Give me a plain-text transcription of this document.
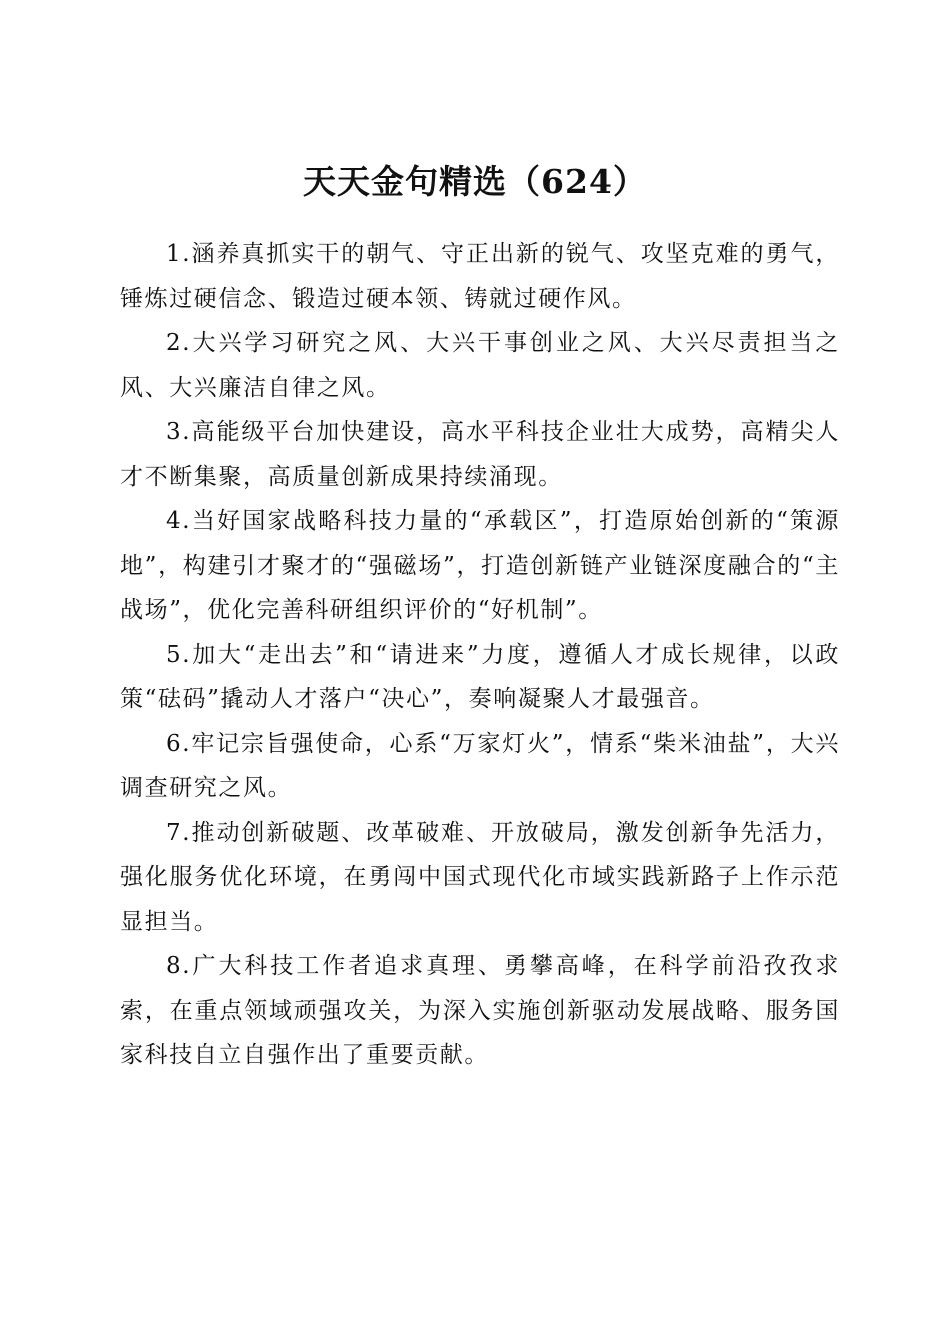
天天金句精选（624）

1.涵养真抓实干的朝气、守正出新的锐气、攻坚克难的勇气，锤炼过硬信念、锻造过硬本领、铸就过硬作风。

2.大兴学习研究之风、大兴干事创业之风、大兴尽责担当之风、大兴廉洁自律之风。

3.高能级平台加快建设，高水平科技企业壮大成势，高精尖人才不断集聚，高质量创新成果持续涌现。

4.当好国家战略科技力量的“承载区”，打造原始创新的“策源地”，构建引才聚才的“强磁场”，打造创新链产业链深度融合的“主战场”，优化完善科研组织评价的“好机制”。

5.加大“走出去”和“请进来”力度，遵循人才成长规律，以政策“砝码”撬动人才落户“决心”，奏响凝聚人才最强音。

6.牢记宗旨强使命，心系“万家灯火”，情系“柴米油盐”，大兴调查研究之风。

7.推动创新破题、改革破难、开放破局，激发创新争先活力，强化服务优化环境，在勇闯中国式现代化市域实践新路子上作示范显担当。

8.广大科技工作者追求真理、勇攀高峰，在科学前沿孜孜求索，在重点领域顽强攻关，为深入实施创新驱动发展战略、服务国家科技自立自强作出了重要贡献。
